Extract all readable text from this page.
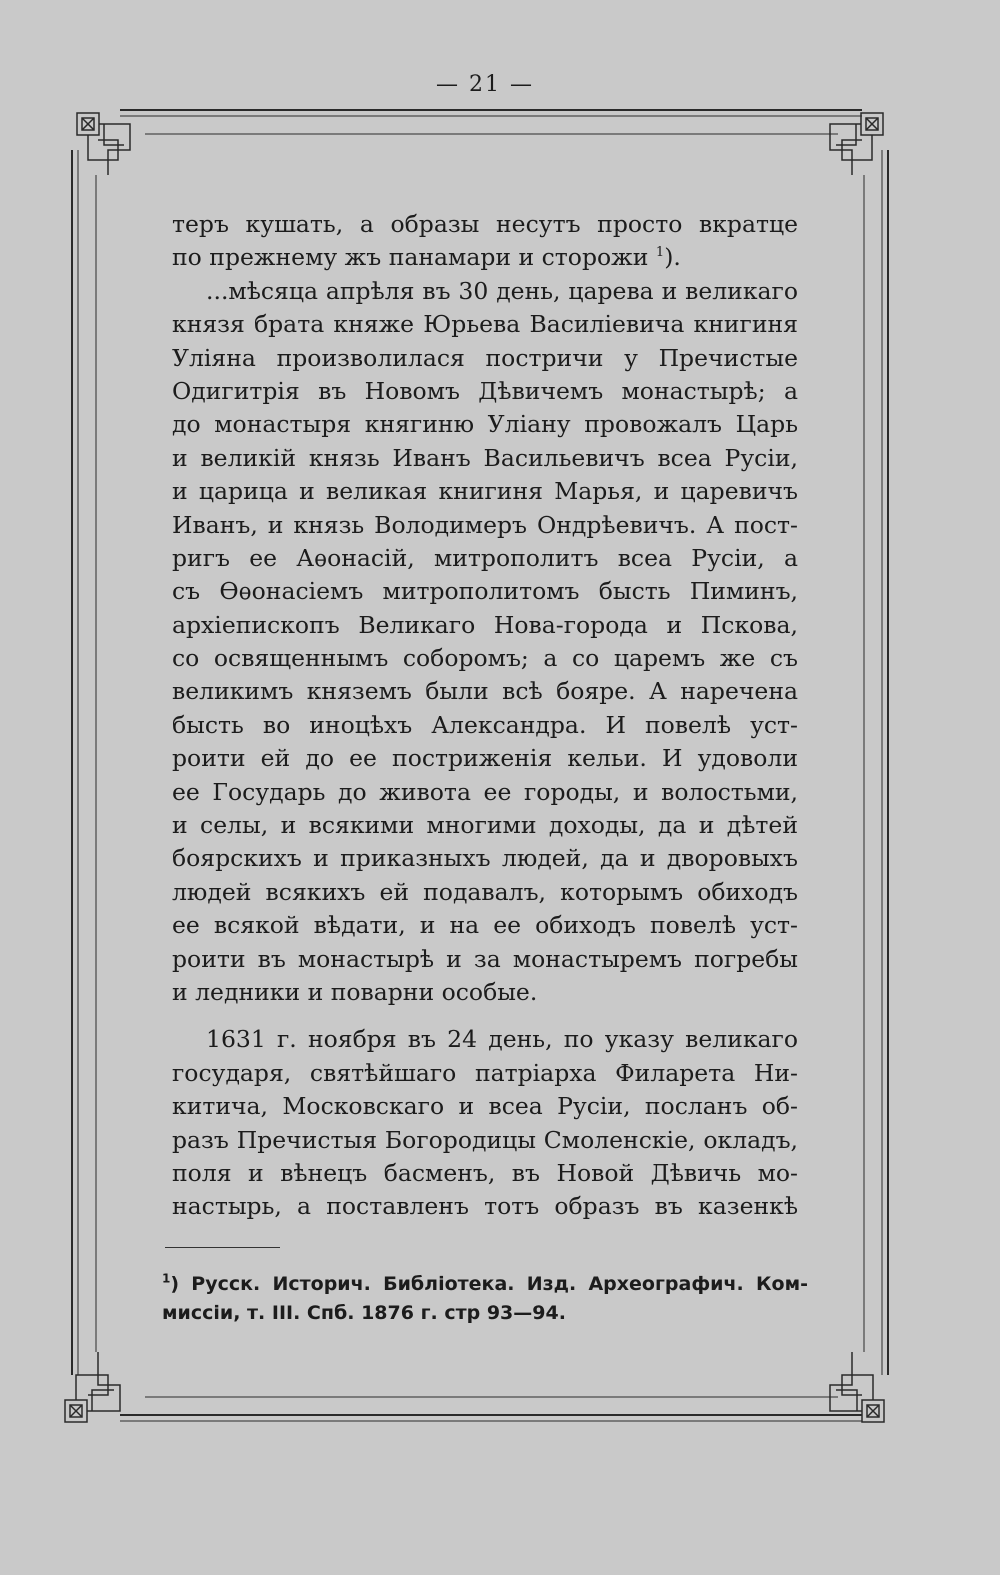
— 21 —
теръ кушать, а образы несутъ просто вкратце
по прежнему жъ панамари и сторожи $^1$).
...мѣсяца апрѣля въ 30 день, царева и великаго
князя брата княже Юрьева Василіевича книгиня
Уліяна произволилася постричи у Пречистые
Одигитрія въ Новомъ Дѣвичемъ монастырѣ; а
до монастыря княгиню Уліану провожалъ Царь
и великій князь Иванъ Васильевичъ всеа Русіи,
и царица и великая книгиня Марья, и царевичъ
Иванъ, и князь Володимеръ Ондрѣевичъ. А пост-
ригъ ее Аѳонасій, митрополитъ всеа Русіи, а
съ Ѳѳонасіемъ митрополитомъ бысть Пиминъ,
архіепископъ Великаго Нова-города и Пскова,
со освященнымъ соборомъ; а со царемъ же съ
великимъ княземъ были всѣ бояре. А наречена
бысть во иноцѣхъ Александра. И повелѣ уст-
роити ей до ее постриженія кельи. И удоволи
ее Государь до живота ее городы, и волостьми,
и селы, и всякими многими доходы, да и дѣтей
боярскихъ и приказныхъ людей, да и дворовыхъ
людей всякихъ ей подавалъ, которымъ обиходъ
ее всякой вѣдати, и на ее обиходъ повелѣ уст-
роити въ монастырѣ и за монастыремъ погребы
и ледники и поварни особые.
1631 г. ноября въ 24 день, по указу великаго
государя, святѣйшаго патріарха Филарета Ни-
китича, Московскаго и всеа Русіи, посланъ об-
разъ Пречистыя Богородицы Смоленскіе, окладъ,
поля и вѣнецъ басменъ, въ Новой Дѣвичь мо-
настырь, а поставленъ тотъ образъ въ казенкѣ
$^1$) Русск. Историч. Библіотека. Изд. Археографич. Ком-
миссіи, т. III. Спб. 1876 г. стр 93—94.
